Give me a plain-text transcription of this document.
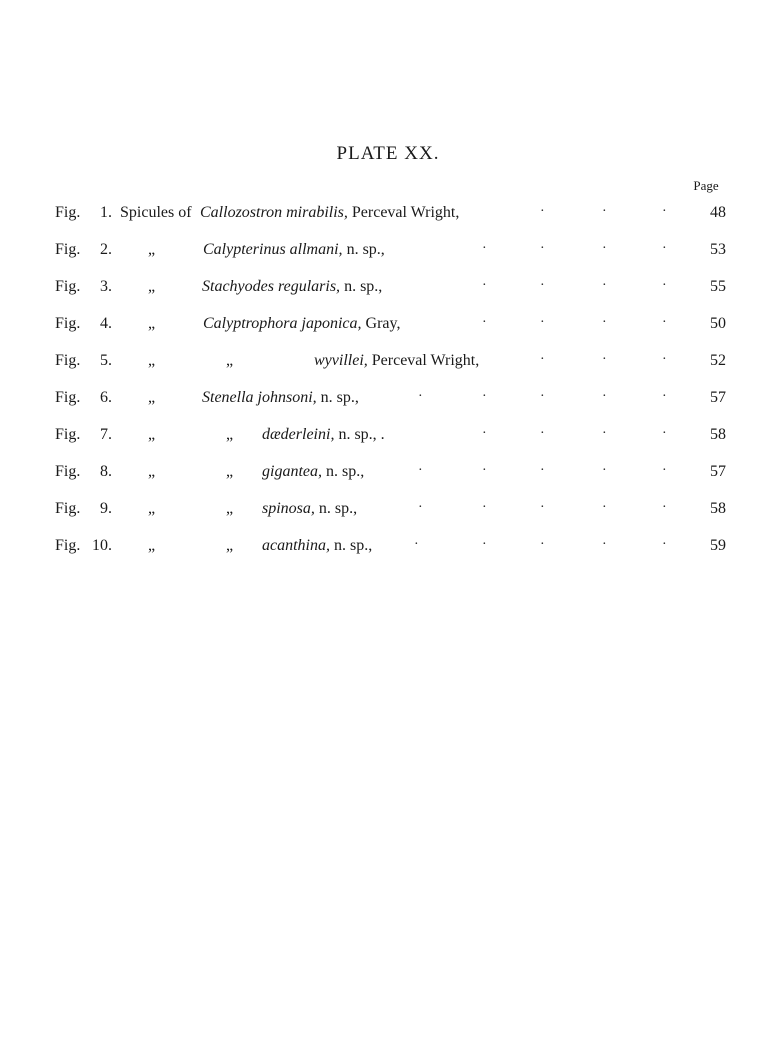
PLATE XX.
Page
Fig.	1. Spicules of Callozostron mirabilis, Perceval Wright,	·	·	·	48
Fig.	2. „	Calypterinus allmani, n. sp.,	·	·	·	·	53
Fig.	3. „	Stachyodes regularis, n. sp.,	·	·	·	·	55
Fig.	4. „	Calyptrophora japonica, Gray,	·	·	·	·	50
Fig.	5. „	„	wyvillei, Perceval Wright,	·	·	·	52
Fig.	6. „	Stenella johnsoni, n. sp.,	·	·	·	·	·	57
Fig.	7. „	„ dæderleini, n. sp., .	·	·	·	·	58
Fig.	8. „	„ gigantea, n. sp.,	·	·	·	·	·	57
Fig.	9. „	„ spinosa, n. sp.,	·	·	·	·	·	58
Fig. 10. „	„ acanthina, n. sp.,	·	·	·	·	·	59
